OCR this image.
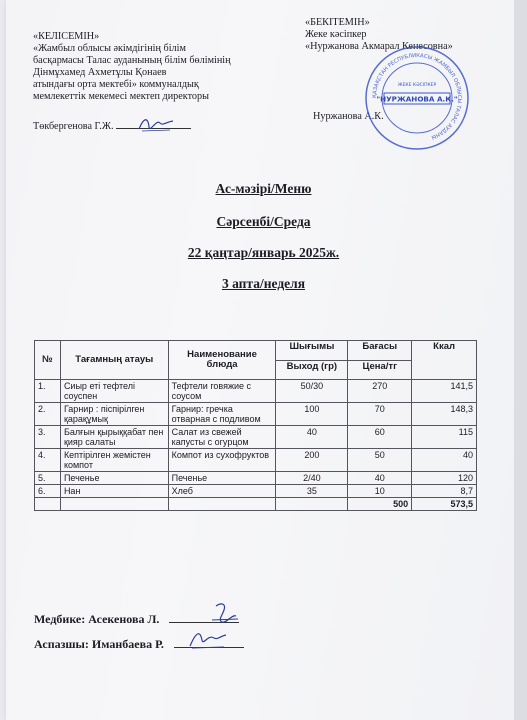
«КЕЛІСЕМІН»
«Жамбыл облысы әкімдігінің білім
басқармасы Талас ауданының білім бөлімінің
Дінмұхамед Ахметұлы Қонаев
атындағы орта мектебі» коммуналдық
мемлекеттік мекемесі мектеп директоры
Төкбергенова Г.Ж.
«БЕКІТЕМІН»
Жеке кәсіпкер
«Нуржанова Акмарал Кенесовна»
Нуржанова А.К.
ҚАЗАҚСТАН РЕСПУБЛИКАСЫ ЖАМБЫЛ ОБЛЫСЫ ТАЛАС АУДАНЫ
ЖЕКЕ КӘСІПКЕР
"НУРЖАНОВА А.К."
Ас-мәзірі/Меню
Сәрсенбі/Среда
22 қаңтар/январь 2025ж.
3 апта/неделя
№	Тағамның атауы	Наименование блюда	Шығымы	Бағасы	Ккал
			Выход (гр)	Цена/тг	
1.	Сиыр еті тефтелі соуспен	Тефтели говяжие с соусом	50/30	270	141,5
2.	Гарнир : піспірілген қарақұмық	Гарнир: гречка отварная с подливом	100	70	148,3
3.	Балғын қырыққабат пен қияр салаты	Салат из свежей капусты с огурцом	40	60	115
4.	Кептірілген жемістен компот	Компот из сухофруктов	200	50	40
5.	Печенье	Печенье	2/40	40	120
6.	Нан	Хлеб	35	10	8,7
				500	573,5
Медбике: Асекенова Л.
Аспазшы: Иманбаева Р.
